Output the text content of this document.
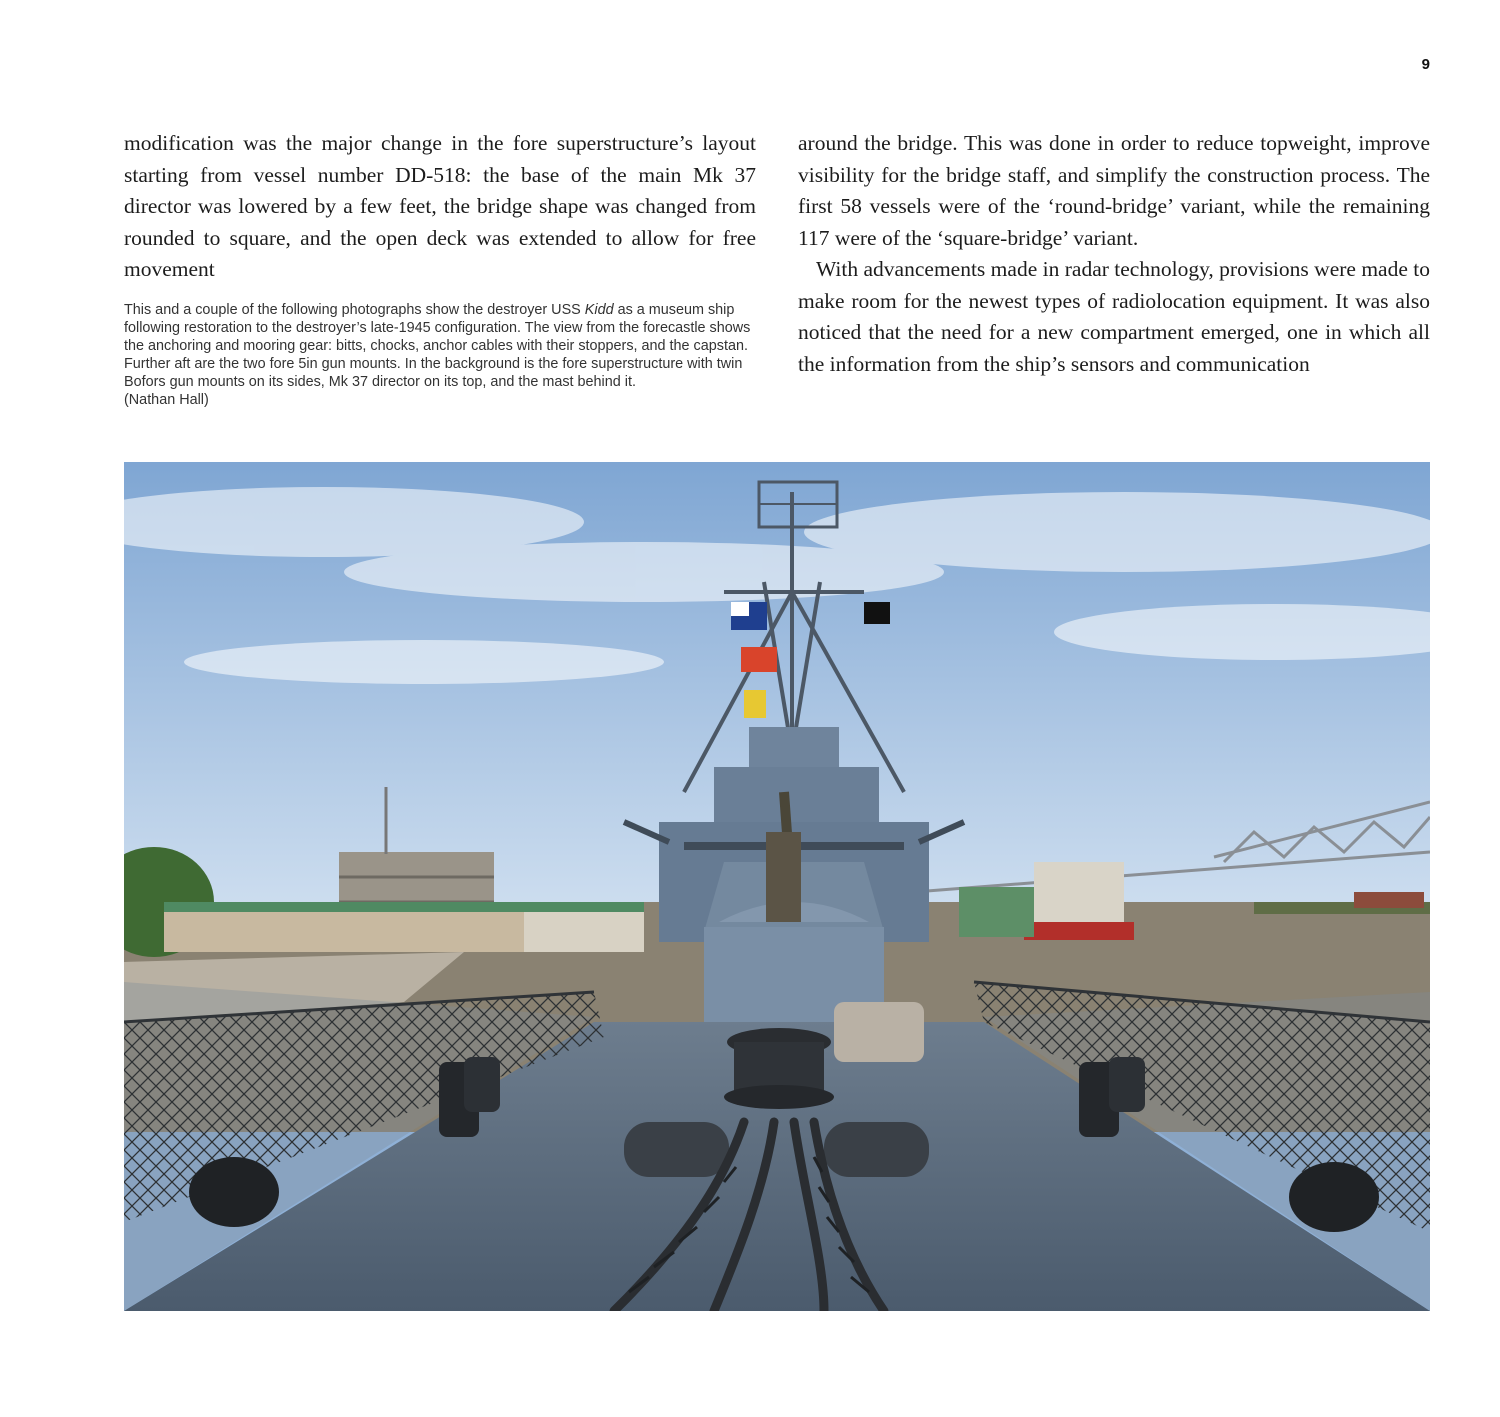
9

modification was the major change in the fore superstructure’s layout starting from vessel number DD-518: the base of the main Mk 37 director was lowered by a few feet, the bridge shape was changed from rounded to square, and the open deck was extended to allow for free movement

around the bridge. This was done in order to reduce topweight, improve visibility for the bridge staff, and simplify the construction process. The first 58 vessels were of the ‘round-bridge’ variant, while the remaining 117 were of the ‘square-bridge’ variant.

With advancements made in radar technology, provisions were made to make room for the newest types of radiolocation equipment. It was also noticed that the need for a new compartment emerged, one in which all the information from the ship’s sensors and communication

This and a couple of the following photographs show the destroyer USS Kidd as a museum ship following restoration to the destroyer’s late-1945 configuration. The view from the forecastle shows the anchoring and mooring gear: bitts, chocks, anchor cables with their stoppers, and the capstan. Further aft are the two fore 5in gun mounts. In the background is the fore superstructure with twin Bofors gun mounts on its sides, Mk 37 director on its top, and the mast behind it.
(Nathan Hall)
